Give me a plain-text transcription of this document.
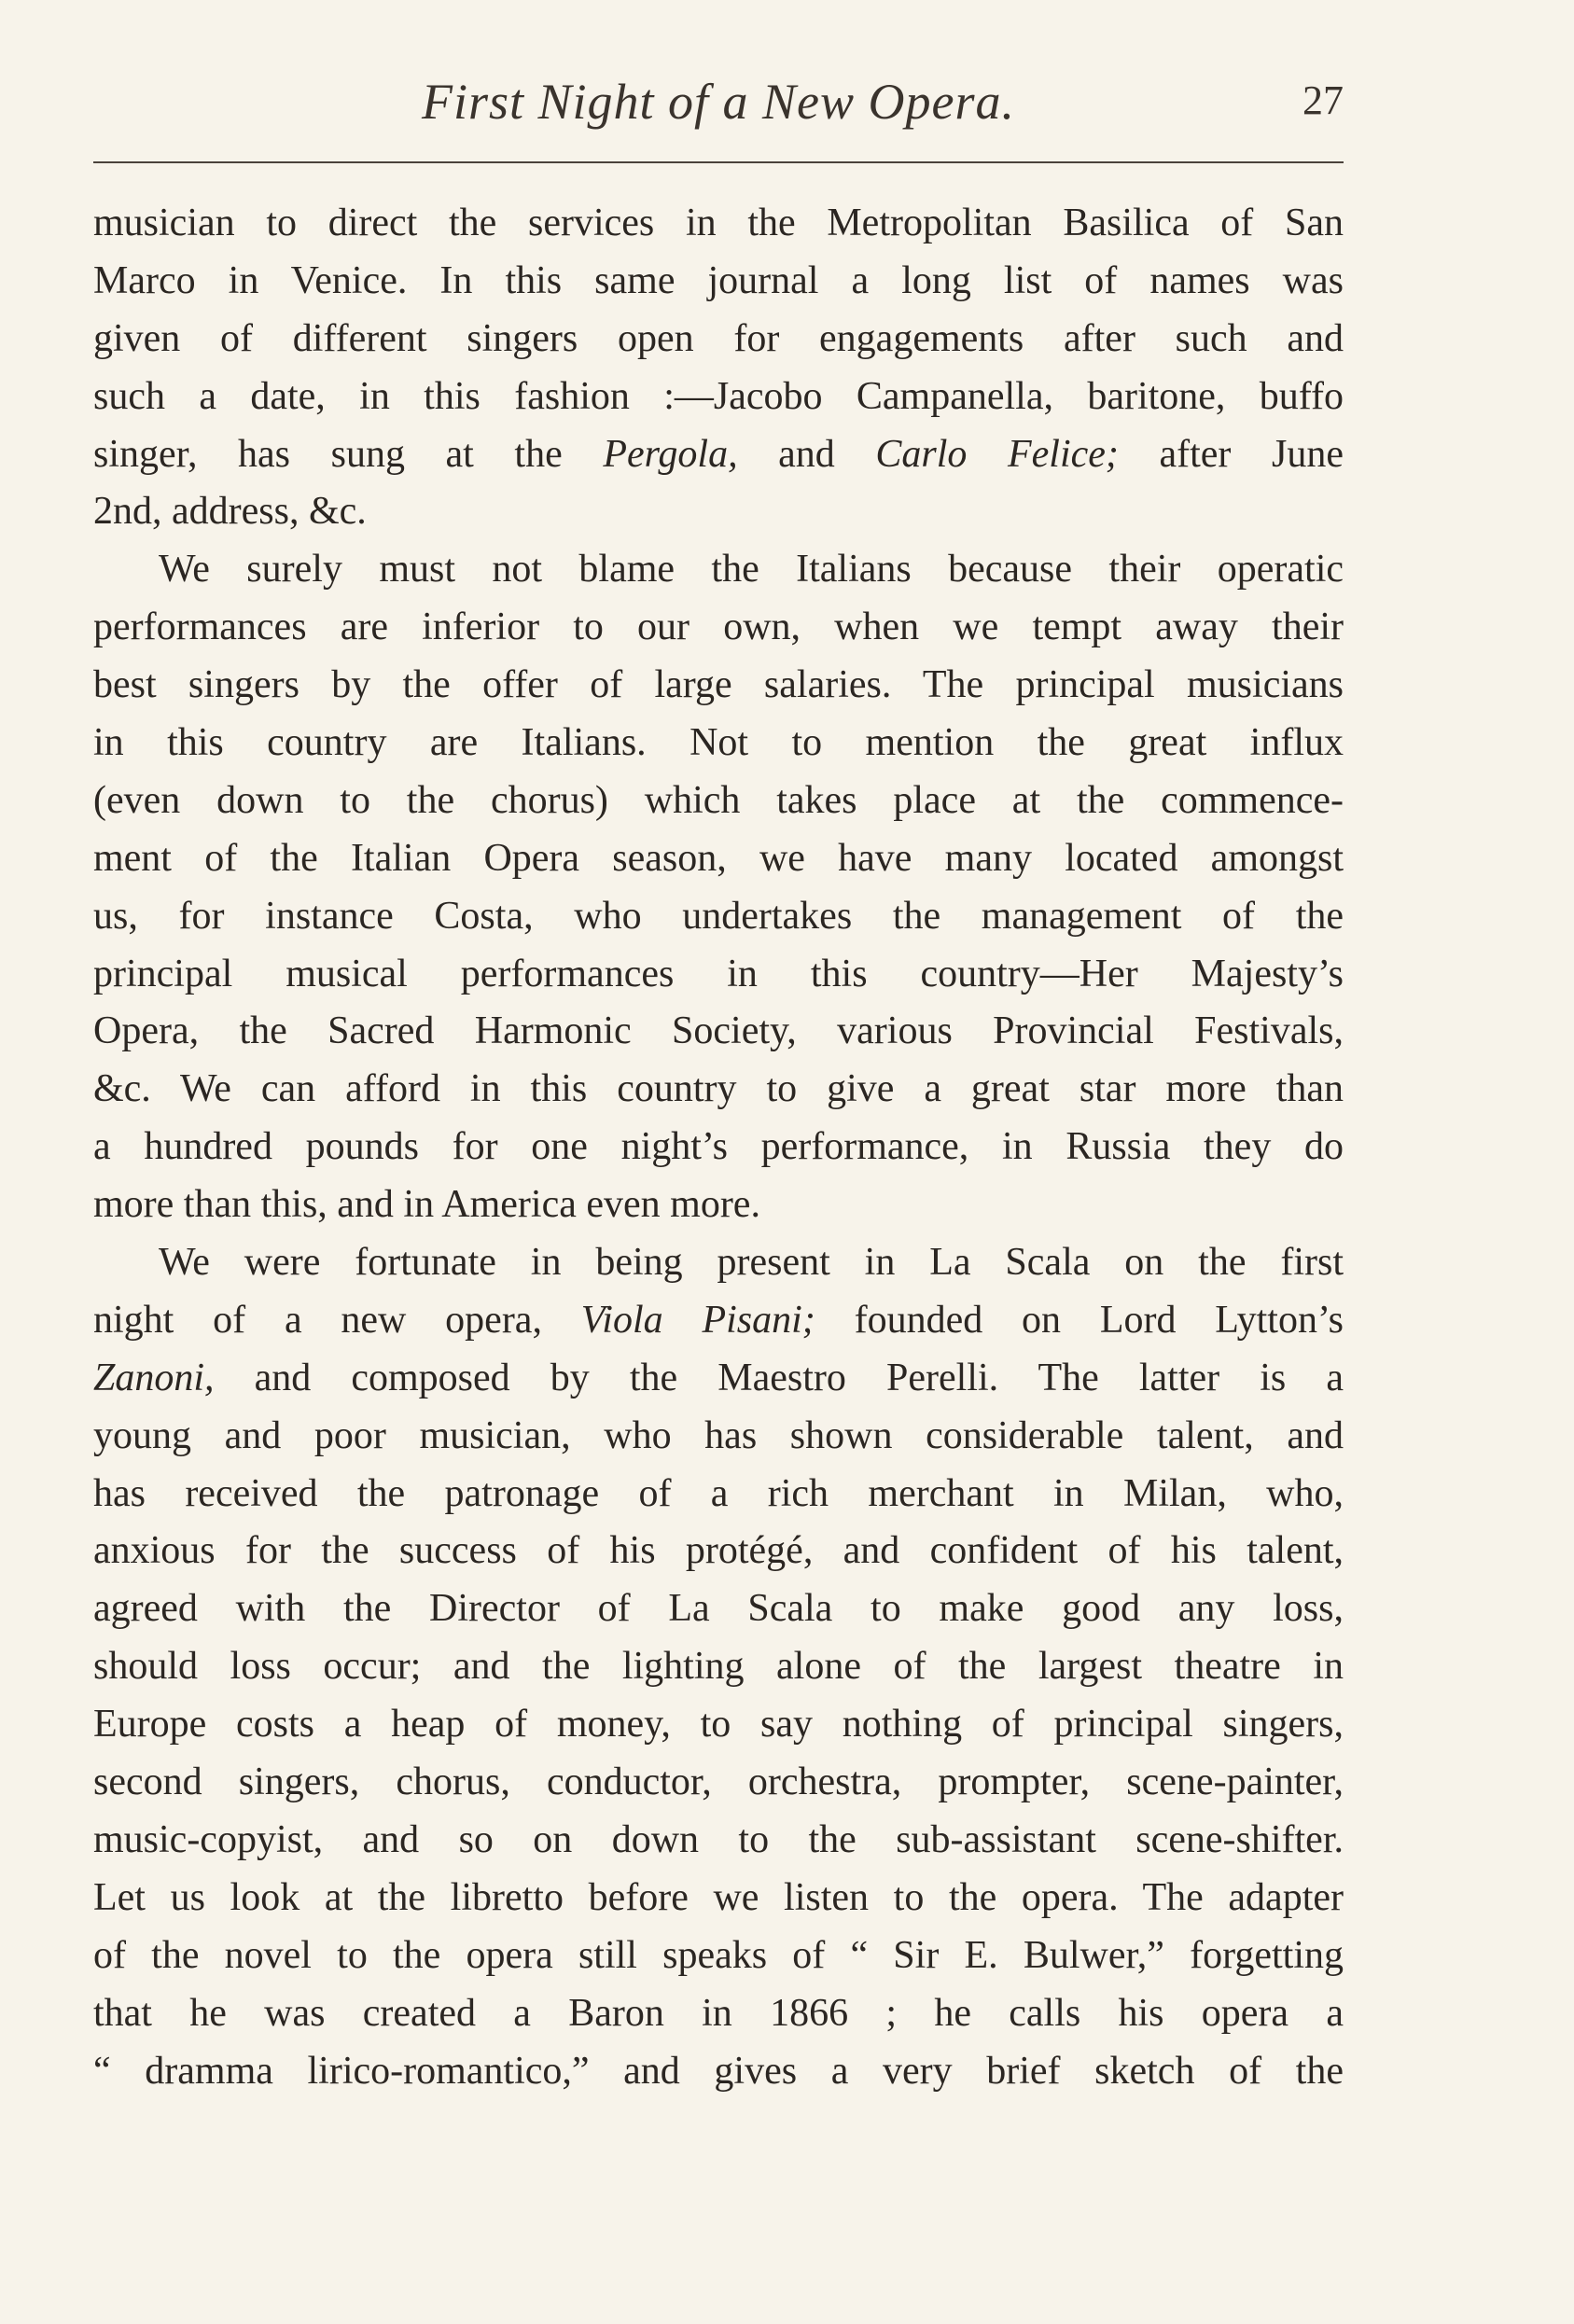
First Night of a New Opera.	27
musician to direct the services in the Metropolitan Basilica of San
Marco in Venice. In this same journal a long list of names was
given of different singers open for engagements after such and
such a date, in this fashion :—Jacobo Campanella, baritone, buffo
singer, has sung at the Pergola, and Carlo Felice; after June
2nd, address, &c.
We surely must not blame the Italians because their operatic
performances are inferior to our own, when we tempt away their
best singers by the offer of large salaries. The principal musicians
in this country are Italians. Not to mention the great influx
(even down to the chorus) which takes place at the commence-
ment of the Italian Opera season, we have many located amongst
us, for instance Costa, who undertakes the management of the
principal musical performances in this country—Her Majesty’s
Opera, the Sacred Harmonic Society, various Provincial Festivals,
&c. We can afford in this country to give a great star more than
a hundred pounds for one night’s performance, in Russia they do
more than this, and in America even more.
We were fortunate in being present in La Scala on the first
night of a new opera, Viola Pisani; founded on Lord Lytton’s
Zanoni, and composed by the Maestro Perelli. The latter is a
young and poor musician, who has shown considerable talent, and
has received the patronage of a rich merchant in Milan, who,
anxious for the success of his protégé, and confident of his talent,
agreed with the Director of La Scala to make good any loss,
should loss occur; and the lighting alone of the largest theatre in
Europe costs a heap of money, to say nothing of principal singers,
second singers, chorus, conductor, orchestra, prompter, scene-painter,
music-copyist, and so on down to the sub-assistant scene-shifter.
Let us look at the libretto before we listen to the opera. The adapter
of the novel to the opera still speaks of “ Sir E. Bulwer,” forgetting
that he was created a Baron in 1866 ; he calls his opera a
“ dramma lirico-romantico,” and gives a very brief sketch of the
